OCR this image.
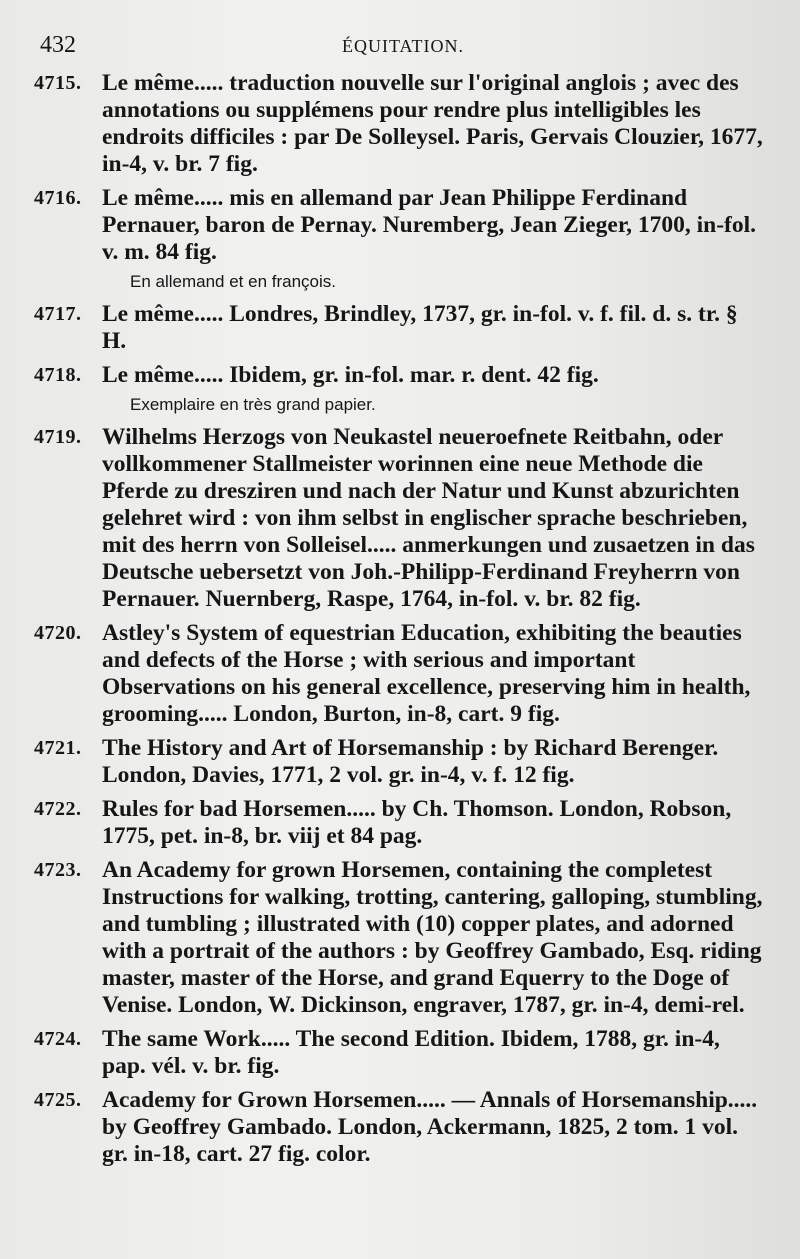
432	ÉQUITATION.
4715. Le même..... traduction nouvelle sur l'original anglois ; avec des annotations ou supplémens pour rendre plus intelligibles les endroits difficiles : par De Solleysel. Paris, Gervais Clouzier, 1677, in-4, v. br. 7 fig.
4716. Le même..... mis en allemand par Jean Philippe Ferdinand Pernauer, baron de Pernay. Nuremberg, Jean Zieger, 1700, in-fol. v. m. 84 fig.
En allemand et en françois.
4717. Le même..... Londres, Brindley, 1737, gr. in-fol. v. f. fil. d. s. tr. § H.
4718. Le même..... Ibidem, gr. in-fol. mar. r. dent. 42 fig.
Exemplaire en très grand papier.
4719. Wilhelms Herzogs von Neukastel neueroefnete Reitbahn, oder vollkommener Stallmeister worinnen eine neue Methode die Pferde zu dresziren und nach der Natur und Kunst abzurichten gelehret wird : von ihm selbst in englischer sprache beschrieben, mit des herrn von Solleisel..... anmerkungen und zusaetzen in das Deutsche uebersetzt von Joh.-Philipp-Ferdinand Freyherrn von Pernauer. Nuernberg, Raspe, 1764, in-fol. v. br. 82 fig.
4720. Astley's System of equestrian Education, exhibiting the beauties and defects of the Horse ; with serious and important Observations on his general excellence, preserving him in health, grooming..... London, Burton, in-8, cart. 9 fig.
4721. The History and Art of Horsemanship : by Richard Berenger. London, Davies, 1771, 2 vol. gr. in-4, v. f. 12 fig.
4722. Rules for bad Horsemen..... by Ch. Thomson. London, Robson, 1775, pet. in-8, br. viij et 84 pag.
4723. An Academy for grown Horsemen, containing the completest Instructions for walking, trotting, cantering, galloping, stumbling, and tumbling ; illustrated with (10) copper plates, and adorned with a portrait of the authors : by Geoffrey Gambado, Esq. riding master, master of the Horse, and grand Equerry to the Doge of Venise. London, W. Dickinson, engraver, 1787, gr. in-4, demi-rel.
4724. The same Work..... The second Edition. Ibidem, 1788, gr. in-4, pap. vél. v. br. fig.
4725. Academy for Grown Horsemen..... — Annals of Horsemanship..... by Geoffrey Gambado. London, Ackermann, 1825, 2 tom. 1 vol. gr. in-18, cart. 27 fig. color.
